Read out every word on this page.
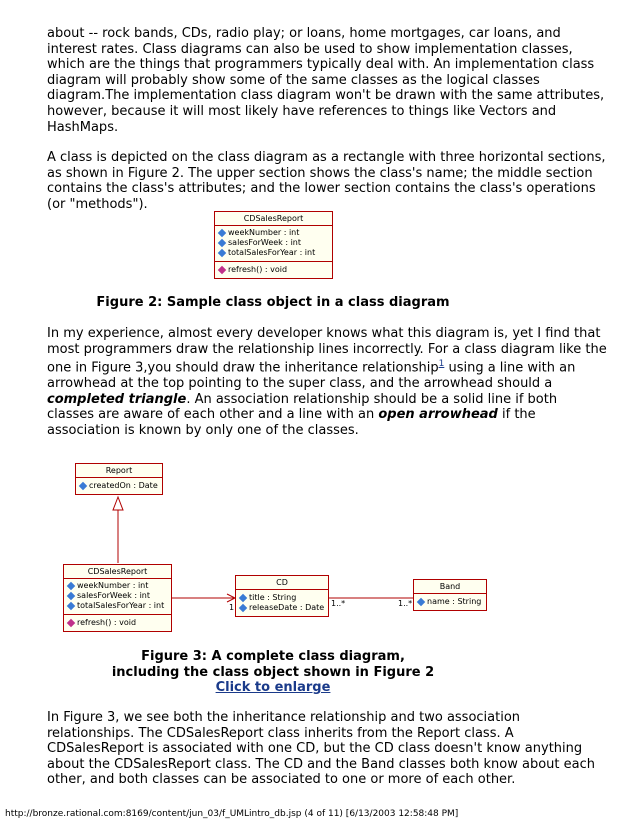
about -- rock bands, CDs, radio play; or loans, home mortgages, car loans, and interest rates. Class diagrams can also be used to show implementation classes, which are the things that programmers typically deal with. An implementation class diagram will probably show some of the same classes as the logical classes diagram.The implementation class diagram won't be drawn with the same attributes, however, because it will most likely have references to things like Vectors and HashMaps.

A class is depicted on the class diagram as a rectangle with three horizontal sections, as shown in Figure 2. The upper section shows the class's name; the middle section contains the class's attributes; and the lower section contains the class's operations (or "methods").

CDSalesReport
weekNumber : int
salesForWeek : int
totalSalesForYear : int
refresh() : void
Figure 2: Sample class object in a class diagram

In my experience, almost every developer knows what this diagram is, yet I find that most programmers draw the relationship lines incorrectly. For a class diagram like the one in Figure 3,you should draw the inheritance relationship$^1$ using a line with an arrowhead at the top pointing to the super class, and the arrowhead should a completed triangle. An association relationship should be a solid line if both classes are aware of each other and a line with an open arrowhead if the association is known by only one of the classes.

Report
createdOn : Date
CDSalesReport
weekNumber : int
salesForWeek : int
totalSalesForYear : int
refresh() : void
CD
title : String
releaseDate : Date
Band
name : String
1	1..*	1..*
Figure 3: A complete class diagram,
including the class object shown in Figure 2
Click to enlarge

In Figure 3, we see both the inheritance relationship and two association relationships. The CDSalesReport class inherits from the Report class. A CDSalesReport is associated with one CD, but the CD class doesn't know anything about the CDSalesReport class. The CD and the Band classes both know about each other, and both classes can be associated to one or more of each other.

http://bronze.rational.com:8169/content/jun_03/f_UMLintro_db.jsp (4 of 11) [6/13/2003 12:58:48 PM]
